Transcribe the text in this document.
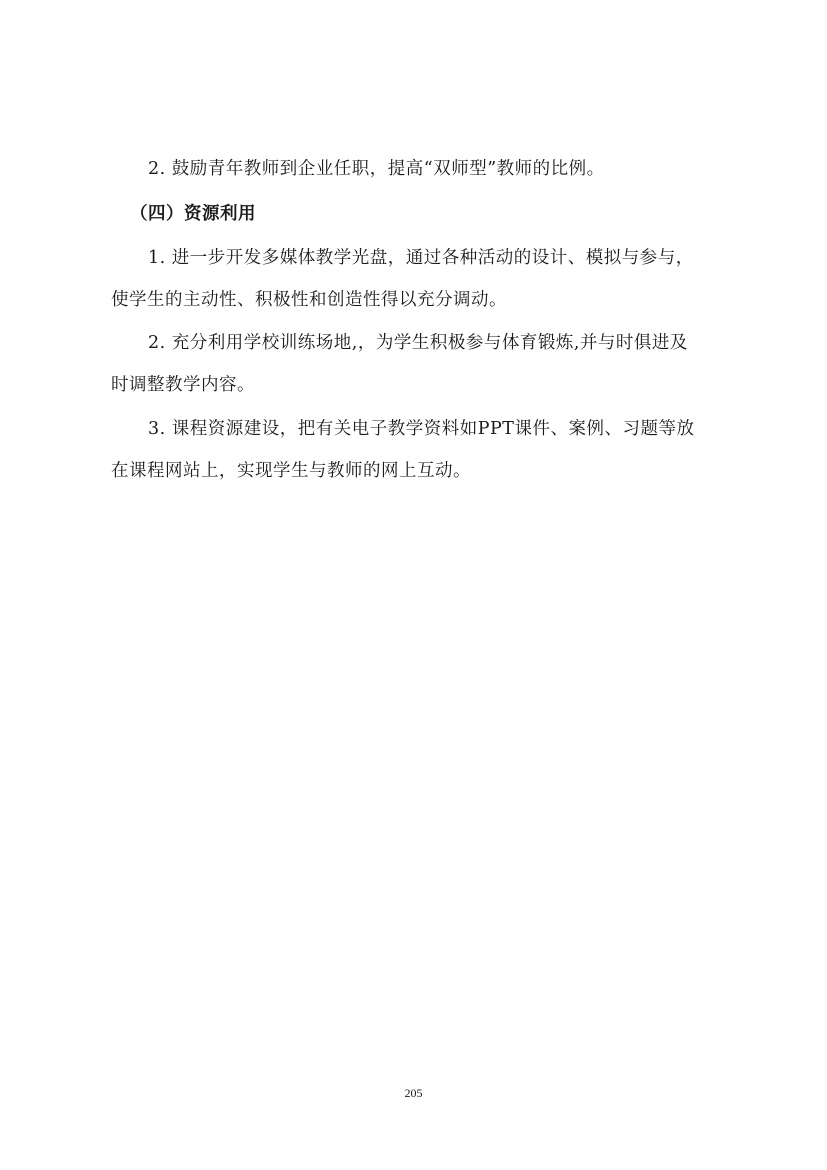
2. 鼓励青年教师到企业任职，提高“双师型”教师的比例。
（四）资源利用
1. 进一步开发多媒体教学光盘，通过各种活动的设计、模拟与参与，
使学生的主动性、积极性和创造性得以充分调动。
2. 充分利用学校训练场地,，为学生积极参与体育锻炼,并与时俱进及
时调整教学内容。
3. 课程资源建设，把有关电子教学资料如PPT课件、案例、习题等放
在课程网站上，实现学生与教师的网上互动。
205
